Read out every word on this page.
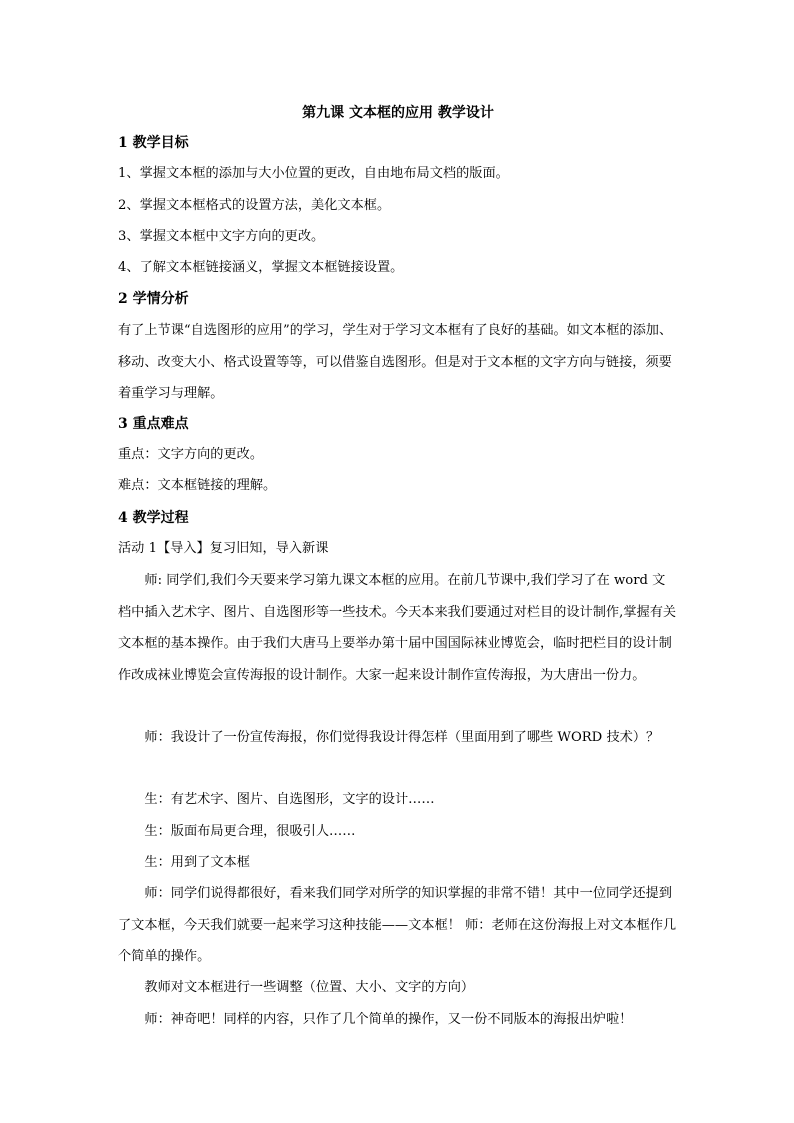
第九课 文本框的应用 教学设计

1 教学目标

1、掌握文本框的添加与大小位置的更改，自由地布局文档的版面。

2、掌握文本框格式的设置方法，美化文本框。

3、掌握文本框中文字方向的更改。

4、了解文本框链接涵义，掌握文本框链接设置。

2 学情分析

有了上节课“自选图形的应用”的学习，学生对于学习文本框有了良好的基础。如文本框的添加、移动、改变大小、格式设置等等，可以借鉴自选图形。但是对于文本框的文字方向与链接，须要着重学习与理解。

3 重点难点

重点：文字方向的更改。

难点：文本框链接的理解。

4 教学过程

活动 1【导入】复习旧知，导入新课

师: 同学们,我们今天要来学习第九课文本框的应用。在前几节课中,我们学习了在 word 文档中插入艺术字、图片、自选图形等一些技术。今天本来我们要通过对栏目的设计制作,掌握有关文本框的基本操作。由于我们大唐马上要举办第十届中国国际袜业博览会，临时把栏目的设计制作改成袜业博览会宣传海报的设计制作。大家一起来设计制作宣传海报，为大唐出一份力。

师：我设计了一份宣传海报，你们觉得我设计得怎样（里面用到了哪些 WORD 技术）？

生：有艺术字、图片、自选图形，文字的设计……

生：版面布局更合理，很吸引人……

生：用到了文本框

师：同学们说得都很好，看来我们同学对所学的知识掌握的非常不错！其中一位同学还提到了文本框，今天我们就要一起来学习这种技能——文本框！ 师：老师在这份海报上对文本框作几个简单的操作。

教师对文本框进行一些调整（位置、大小、文字的方向）

师：神奇吧！同样的内容，只作了几个简单的操作，又一份不同版本的海报出炉啦！
